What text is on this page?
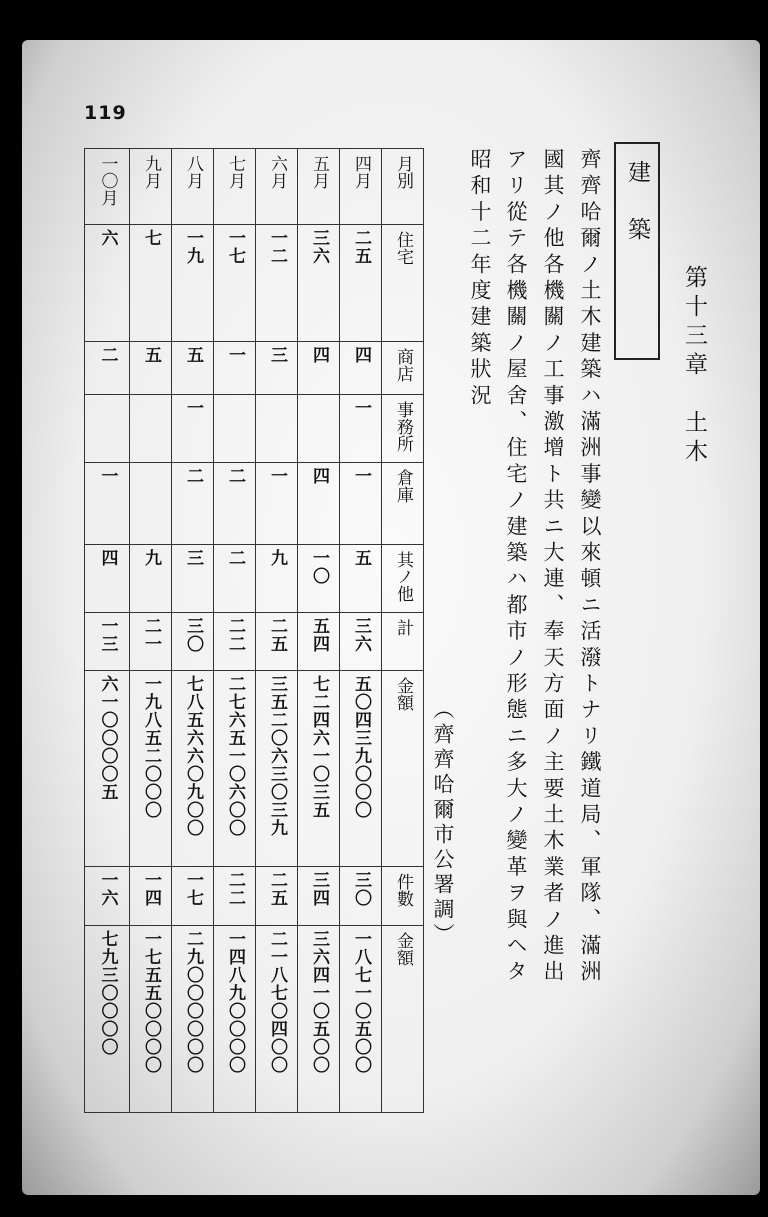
119
第十三章　土木
建築
齊齊哈爾ノ土木建築ハ滿洲事變以來頓ニ活潑トナリ鐵道局、軍隊、滿洲
國其ノ他各機關ノ工事激增ト共ニ大連、奉天方面ノ主要土木業者ノ進出
アリ從テ各機關ノ屋舍、住宅ノ建築ハ都市ノ形態ニ多大ノ變革ヲ與ヘタ
昭和十二年度建築狀況
（齊齊哈爾市公署調）
一〇月	九月	八月	七月	六月	五月	四月	月別

六	七	一九	一七	一二	三六	二五	住宅

二	五	五	一	三	四	四	商店

		一				一	事務所

一		二	二	一	四	一	倉庫

四	九	三	二	九	一〇	五	其ノ他

一三	二一	三〇	二二	二五	五四	三六	計

六一〇〇〇〇五	一九八五二〇〇〇	七八五六六〇九〇〇	二七六五一〇六〇〇	三五二〇六三〇三九	七二四六一〇三五	五〇四三九〇〇〇	金額

一六	一四	一七	二二	二五	三四	三〇	件數

七九三〇〇〇〇	一七五五〇〇〇〇	二九〇〇〇〇〇〇	一四八九〇〇〇〇	二一八七〇四〇〇	三六四一〇五〇〇	一八七一〇五〇〇	金額
